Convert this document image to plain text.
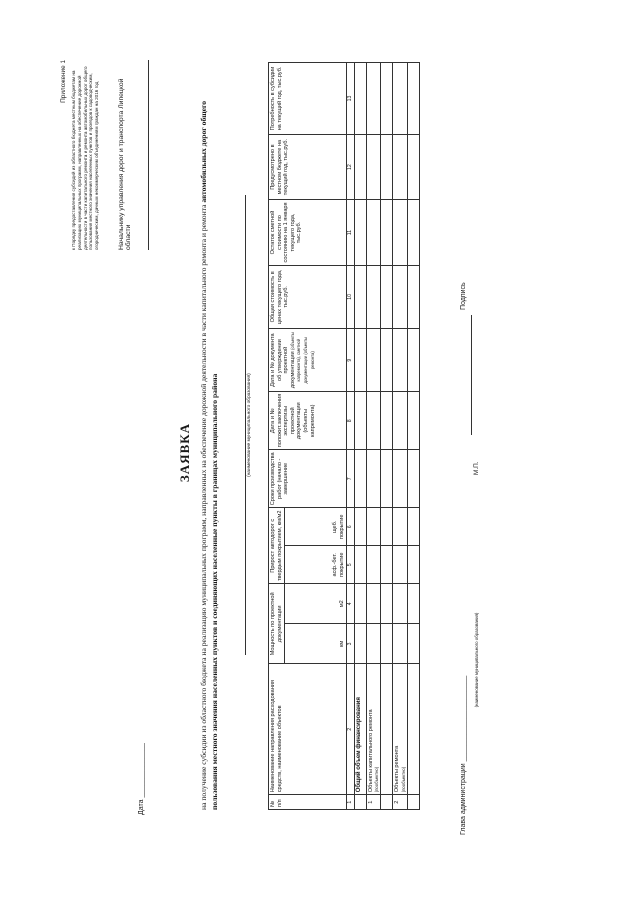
Приложение 1 к Порядку предоставления субсидий из областного бюджета местным бюджетам на реализацию муниципальных программ, направленных на обеспечение дорожной деятельности в части капитального ремонта и ремонта автомобильных дорог общего пользования местного значения населенных пунктов и проездов к садоводческим, огородническим, дачным некоммерческим объединениям граждан на 2016 год	Начальнику управления дорог и транспорта Липецкой области
Дата ______________
ЗАЯВКА на получение субсидии из областного бюджета на реализацию муниципальных программ, направленных на обеспечение дорожной деятельности в части капитального ремонта и ремонта автомобильных дорог общего пользования местного значения населенных пунктов и соединяющих населенные пункты в границах муниципального района	(наименование муниципального образования)
№ п/п	Наименование направления расходования средств, наименование объектов	Мощность по проектной документации		Прирост автодорог с твердым покрытием, км/м2		Сроки производства работ (начало - завершение	Дата и № положит.заключения экспертизы проектной документации (объекты капремонта)	Дата и № документа об утверждении проектной документации (объекты капремонта), сметной документации (объекты ремонта)	Общая стоимость в ценах текущего года, тыс.руб.	Остаток сметной стоимости по состоянию на 1 января текущего года, тыс.руб.	Предусмотрено в местном бюджете на текущий год, тыс.руб.	Потребность в субсидии на текущий год, тыс.руб.
		км	м2									
				асф.-бет. покрытие	щеб. покрытие							
1	2	3	4	5	6	7	8	9	10	11	12	13
	Общий объем финансирования											
1	Объекты капитального ремонта (пообъектно)											

2	Объекты ремонта (пообъектно)											

													Глава администрации ______________________
(наименование муниципального образования)
М.П.
Подпись
